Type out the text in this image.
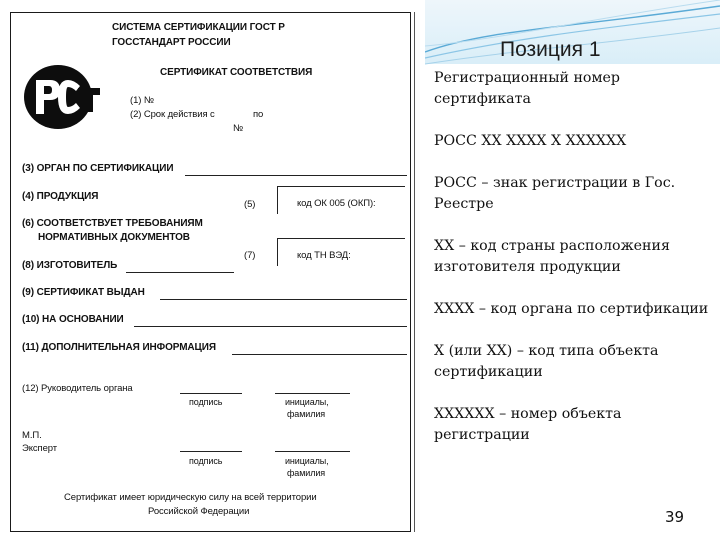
СИСТЕМА СЕРТИФИКАЦИИ ГОСТ Р
ГОССТАНДАРТ РОССИИ
СЕРТИФИКАТ СООТВЕТСТВИЯ
(1) №
(2) Срок действия с	по
№
(3) ОРГАН ПО СЕРТИФИКАЦИИ
(4) ПРОДУКЦИЯ
(5)	код ОК 005 (ОКП):
(6) СООТВЕТСТВУЕТ ТРЕБОВАНИЯМ
НОРМАТИВНЫХ ДОКУМЕНТОВ
(7)	код ТН ВЭД:
(8) ИЗГОТОВИТЕЛЬ
(9) СЕРТИФИКАТ ВЫДАН
(10) НА ОСНОВАНИИ
(11) ДОПОЛНИТЕЛЬНАЯ ИНФОРМАЦИЯ
(12) Руководитель органа
подпись	инициалы,
фамилия
М.П.
Эксперт
подпись	инициалы,
фамилия
Сертификат имеет юридическую силу на всей территории
Российской Федерации
Позиция 1

Регистрационный номер сертификата

РОСС ХХ ХХХХ Х ХХХХХХ

РОСС – знак регистрации в Гос. Реестре

ХХ – код страны расположения изготовителя продукции

ХХХХ – код органа по сертификации

Х (или ХХ) – код типа объекта сертификации

ХХХХХХ – номер объекта регистрации

39
